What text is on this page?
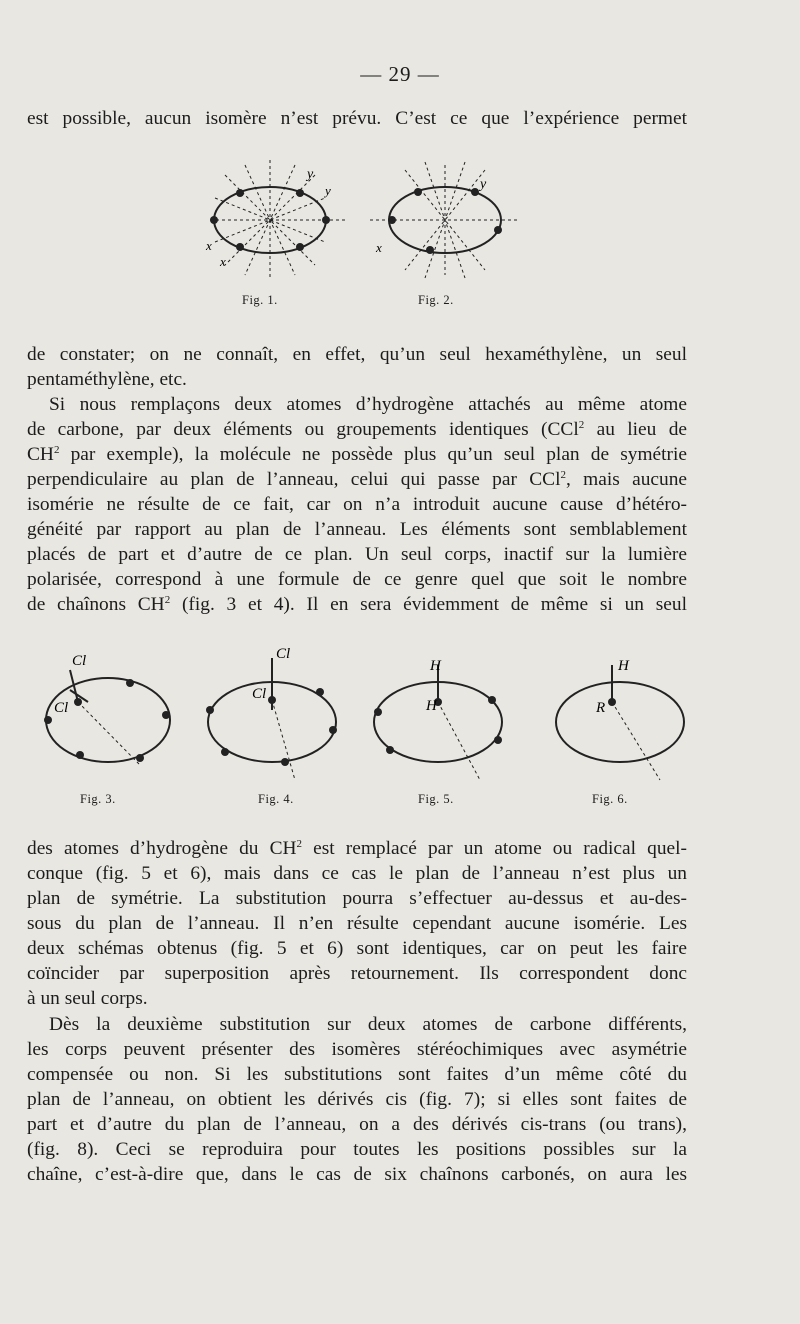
— 29 —
est possible, aucun isomère n’est prévu. C’est ce que l’expérience permet
y
y
x
x
y
x
Fig. 1.	Fig. 2.
de constater; on ne connaît, en effet, qu’un seul hexaméthylène, un seul
pentaméthylène, etc.
Si nous remplaçons deux atomes d’hydrogène attachés au même atome
de carbone, par deux éléments ou groupements identiques (CCl$^2$ au lieu de
$CH^2$ par exemple), la molécule ne possède plus qu’un seul plan de symétrie
perpendiculaire au plan de l’anneau, celui qui passe par CCl$^2$, mais aucune
isomérie ne résulte de ce fait, car on n’a introduit aucune cause d’hétéro-
généité par rapport au plan de l’anneau. Les éléments sont semblablement
placés de part et d’autre de ce plan. Un seul corps, inactif sur la lumière
polarisée, correspond à une formule de ce genre quel que soit le nombre
de chaînons $CH^2$ (fig. 3 et 4). Il en sera évidemment de même si un seul
Cl
Cl
Cl
Cl
H
H
H
R
Fig. 3.	Fig. 4.	Fig. 5.	Fig. 6.
des atomes d’hydrogène du $CH^2$ est remplacé par un atome ou radical quel-
conque (fig. 5 et 6), mais dans ce cas le plan de l’anneau n’est plus un
plan de symétrie. La substitution pourra s’effectuer au-dessus et au-des-
sous du plan de l’anneau. Il n’en résulte cependant aucune isomérie. Les
deux schémas obtenus (fig. 5 et 6) sont identiques, car on peut les faire
coïncider par superposition après retournement. Ils correspondent donc
à un seul corps.
Dès la deuxième substitution sur deux atomes de carbone différents,
les corps peuvent présenter des isomères stéréochimiques avec asymétrie
compensée ou non. Si les substitutions sont faites d’un même côté du
plan de l’anneau, on obtient les dérivés cis (fig. 7); si elles sont faites de
part et d’autre du plan de l’anneau, on a des dérivés cis-trans (ou trans),
(fig. 8). Ceci se reproduira pour toutes les positions possibles sur la
chaîne, c’est-à-dire que, dans le cas de six chaînons carbonés, on aura les
